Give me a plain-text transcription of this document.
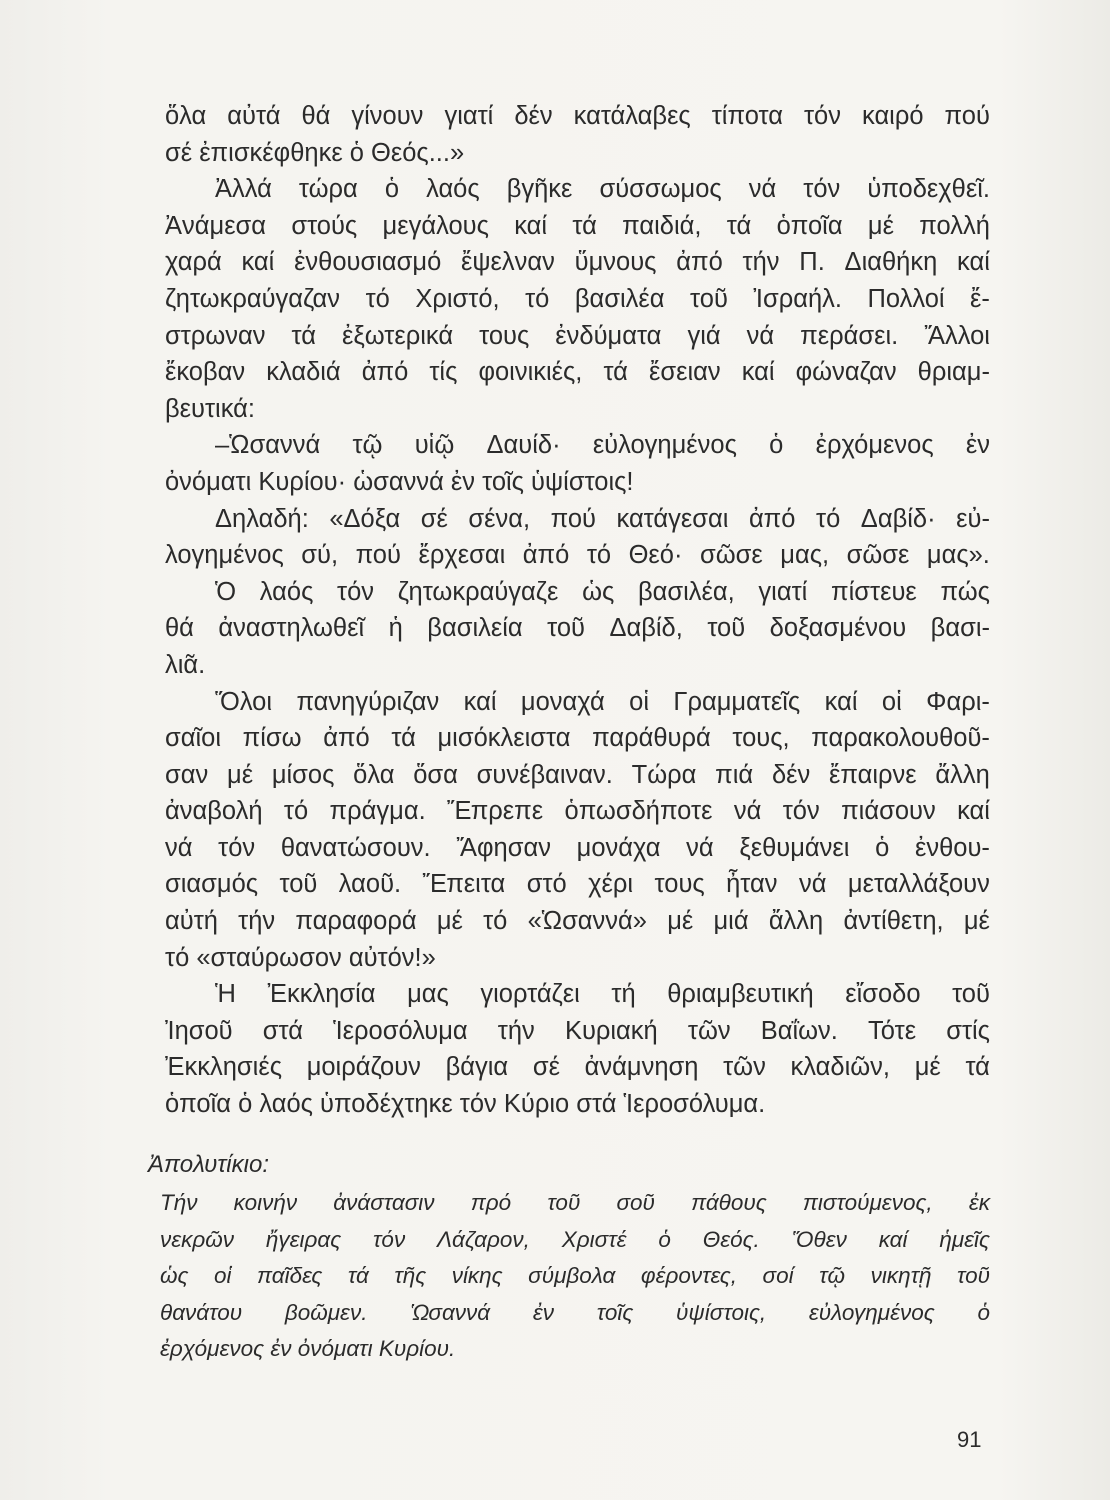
ὅλα αὐτά θά γίνουν γιατί δέν κατάλαβες τίποτα τόν καιρό πού
σέ ἐπισκέφθηκε ὁ Θεός...»
Ἀλλά τώρα ὁ λαός βγῆκε σύσσωμος νά τόν ὑποδεχθεῖ.
Ἀνάμεσα στούς μεγάλους καί τά παιδιά, τά ὁποῖα μέ πολλή
χαρά καί ἐνθουσιασμό ἔψελναν ὕμνους ἀπό τήν Π. Διαθήκη καί
ζητωκραύγαζαν τό Χριστό, τό βασιλέα τοῦ Ἰσραήλ. Πολλοί ἔ-
στρωναν τά ἐξωτερικά τους ἐνδύματα γιά νά περάσει. Ἄλλοι
ἔκοβαν κλαδιά ἀπό τίς φοινικιές, τά ἔσειαν καί φώναζαν θριαμ-
βευτικά:
–Ὡσαννά τῷ υἱῷ Δαυίδ· εὐλογημένος ὁ ἐρχόμενος ἐν
ὀνόματι Κυρίου· ὡσαννά ἐν τοῖς ὑψίστοις!
Δηλαδή: «Δόξα σέ σένα, πού κατάγεσαι ἀπό τό Δαβίδ· εὐ-
λογημένος σύ, πού ἔρχεσαι ἀπό τό Θεό· σῶσε μας, σῶσε μας».
Ὁ λαός τόν ζητωκραύγαζε ὡς βασιλέα, γιατί πίστευε πώς
θά ἀναστηλωθεῖ ἡ βασιλεία τοῦ Δαβίδ, τοῦ δοξασμένου βασι-
λιᾶ.
Ὅλοι πανηγύριζαν καί μοναχά οἱ Γραμματεῖς καί οἱ Φαρι-
σαῖοι πίσω ἀπό τά μισόκλειστα παράθυρά τους, παρακολουθοῦ-
σαν μέ μίσος ὅλα ὅσα συνέβαιναν. Τώρα πιά δέν ἔπαιρνε ἄλλη
ἀναβολή τό πράγμα. Ἔπρεπε ὁπωσδήποτε νά τόν πιάσουν καί
νά τόν θανατώσουν. Ἄφησαν μονάχα νά ξεθυμάνει ὁ ἐνθου-
σιασμός τοῦ λαοῦ. Ἔπειτα στό χέρι τους ἦταν νά μεταλλάξουν
αὐτή τήν παραφορά μέ τό «Ὡσαννά» μέ μιά ἄλλη ἀντίθετη, μέ
τό «σταύρωσον αὐτόν!»
Ἡ Ἐκκλησία μας γιορτάζει τή θριαμβευτική εἴσοδο τοῦ
Ἰησοῦ στά Ἱεροσόλυμα τήν Κυριακή τῶν Βαΐων. Τότε στίς
Ἐκκλησιές μοιράζουν βάγια σέ ἀνάμνηση τῶν κλαδιῶν, μέ τά
ὁποῖα ὁ λαός ὑποδέχτηκε τόν Κύριο στά Ἱεροσόλυμα.
Ἀπολυτίκιο:
Τήν κοινήν ἀνάστασιν πρό τοῦ σοῦ πάθους πιστούμενος, ἐκ
νεκρῶν ἤγειρας τόν Λάζαρον, Χριστέ ὁ Θεός. Ὅθεν καί ἡμεῖς
ὡς οἱ παῖδες τά τῆς νίκης σύμβολα φέροντες, σοί τῷ νικητῇ τοῦ
θανάτου βοῶμεν. Ὡσαννά ἐν τοῖς ὑψίστοις, εὐλογημένος ὁ
ἐρχόμενος ἐν ὀνόματι Κυρίου.
91
